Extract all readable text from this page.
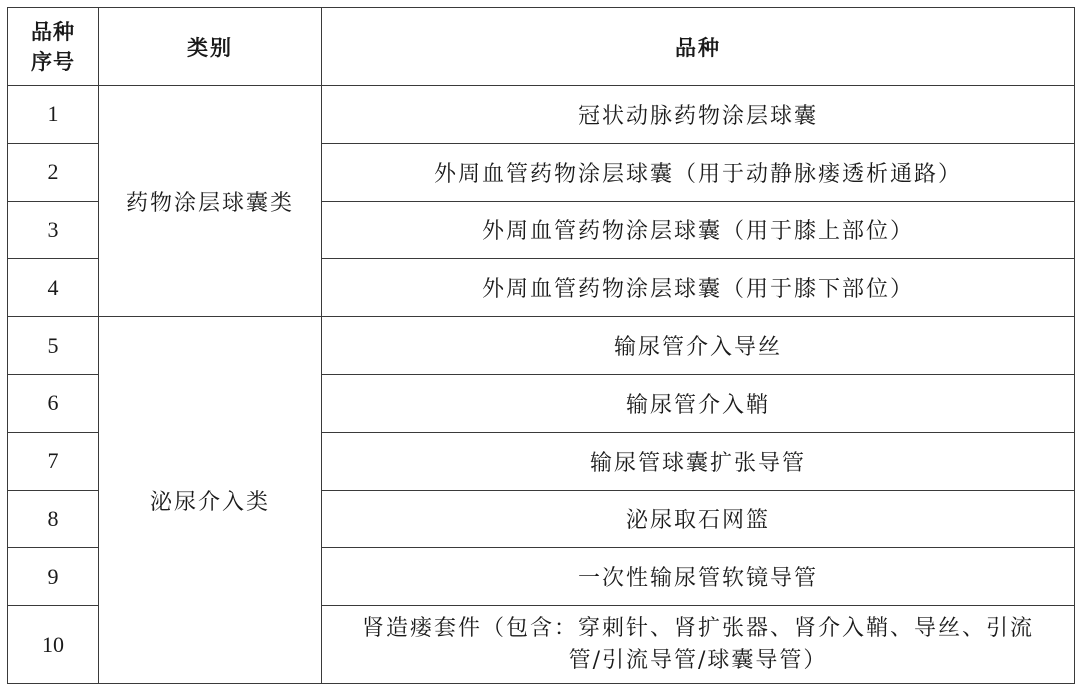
品种
序号	类别	品种
1	药物涂层球囊类	冠状动脉药物涂层球囊
2		外周血管药物涂层球囊（用于动静脉瘘透析通路）
3		外周血管药物涂层球囊（用于膝上部位）
4		外周血管药物涂层球囊（用于膝下部位）
5	泌尿介入类	输尿管介入导丝
6		输尿管介入鞘
7		输尿管球囊扩张导管
8		泌尿取石网篮
9		一次性输尿管软镜导管
10		肾造瘘套件（包含：穿刺针、肾扩张器、肾介入鞘、导丝、引流
管/引流导管/球囊导管）
